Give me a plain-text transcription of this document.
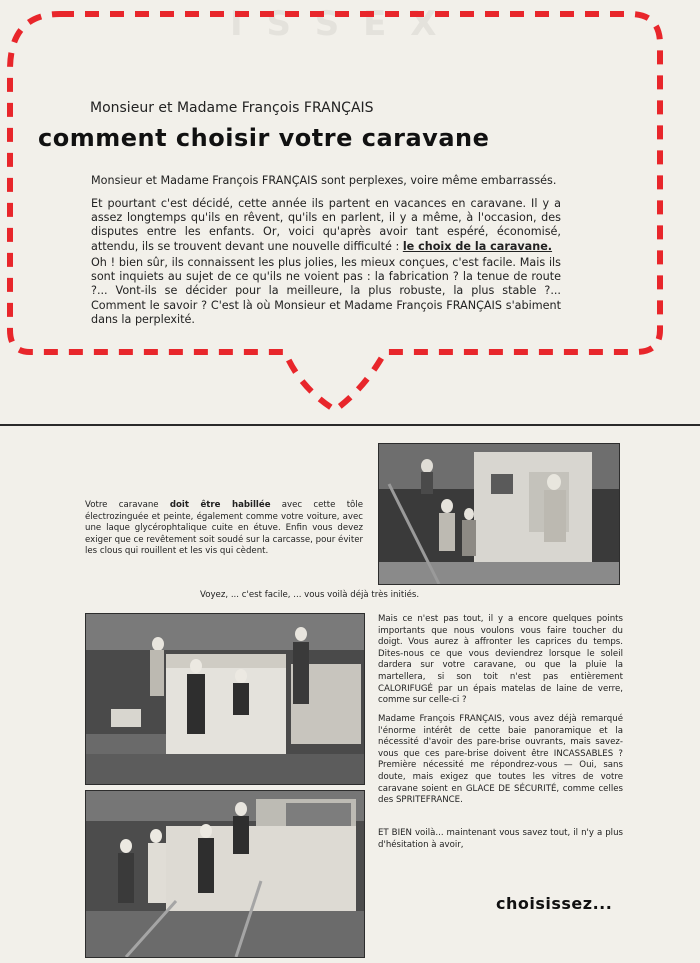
I S S E X
Monsieur et Madame François FRANÇAIS
comment choisir votre caravane

Monsieur et Madame François FRANÇAIS sont perplexes, voire même embarrassés.

Et pourtant c'est décidé, cette année ils partent en vacances en caravane. Il y a assez longtemps qu'ils en rêvent, qu'ils en parlent, il y a même, à l'occasion, des disputes entre les enfants. Or, voici qu'après avoir tant espéré, économisé, attendu, ils se trouvent devant une nouvelle difficulté : le choix de la caravane.

Oh ! bien sûr, ils connaissent les plus jolies, les mieux conçues, c'est facile. Mais ils sont inquiets au sujet de ce qu'ils ne voient pas : la fabrication ? la tenue de route ?... Vont-ils se décider pour la meilleure, la plus robuste, la plus stable ?... Comment le savoir ? C'est là où Monsieur et Madame François FRANÇAIS s'abiment dans la perplexité.

Votre caravane doit être habillée avec cette tôle électrozinguée et peinte, également comme votre voiture, avec une laque glycérophtalique cuite en étuve. Enfin vous devez exiger que ce revêtement soit soudé sur la carcasse, pour éviter les clous qui rouillent et les vis qui cèdent.
Voyez, ... c'est facile, ... vous voilà déjà très initiés.
Mais ce n'est pas tout, il y a encore quelques points importants que nous voulons vous faire toucher du doigt. Vous aurez à affronter les caprices du temps. Dites-nous ce que vous deviendrez lorsque le soleil dardera sur votre caravane, ou que la pluie la martellera, si son toit n'est pas entièrement CALORIFUGÉ par un épais matelas de laine de verre, comme sur celle-ci ?
Madame François FRANÇAIS, vous avez déjà remarqué l'énorme intérêt de cette baie panoramique et la nécessité d'avoir des pare-brise ouvrants, mais savez-vous que ces pare-brise doivent être INCASSABLES ? Première nécessité me répondrez-vous — Oui, sans doute, mais exigez que toutes les vitres de votre caravane soient en GLACE DE SÉCURITÉ, comme celles des SPRITEFRANCE.
ET BIEN voilà... maintenant vous savez tout, il n'y a plus d'hésitation à avoir,
choisissez...
